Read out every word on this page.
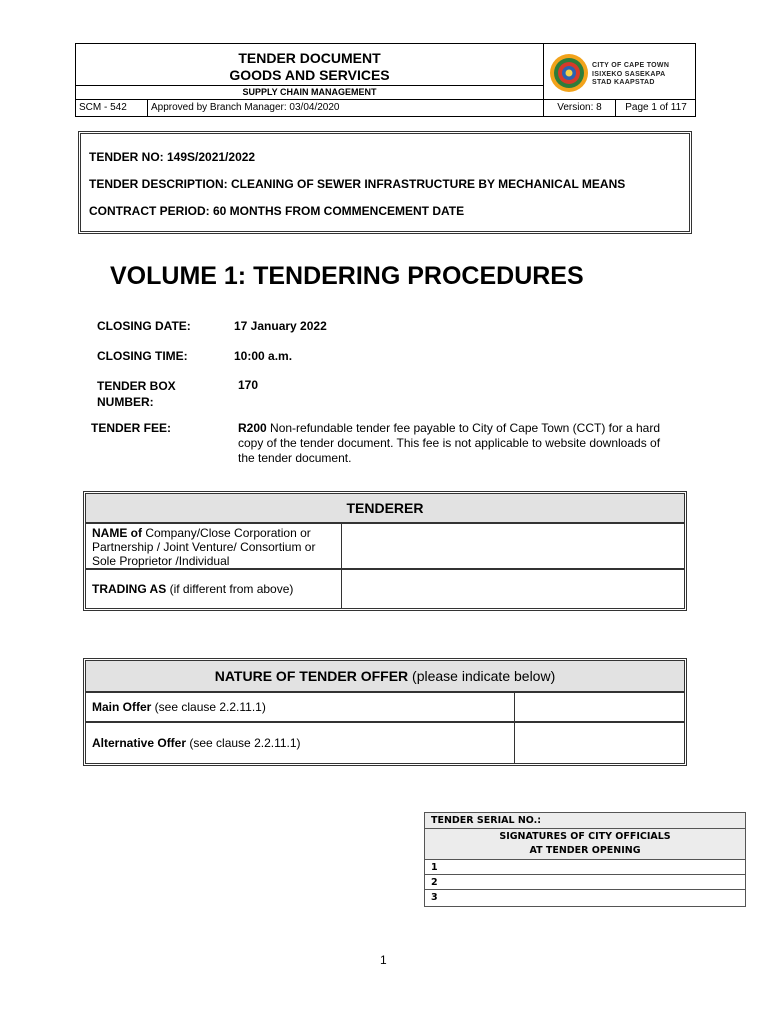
TENDER DOCUMENT
GOODS AND SERVICES
SUPPLY CHAIN MANAGEMENT
CITY OF CAPE TOWN
ISIXEKO SASEKAPA
STAD KAAPSTAD
SCM - 542	Approved by Branch Manager: 03/04/2020	Version: 8	Page 1 of 117
TENDER NO: 149S/2021/2022
TENDER DESCRIPTION: CLEANING OF SEWER INFRASTRUCTURE BY MECHANICAL MEANS
CONTRACT PERIOD: 60 MONTHS FROM COMMENCEMENT DATE
VOLUME 1: TENDERING PROCEDURES
CLOSING DATE:	17 January 2022
CLOSING TIME:	10:00 a.m.
TENDER BOX
NUMBER:
170
TENDER FEE:	R200 Non-refundable tender fee payable to City of Cape Town (CCT) for a hard
copy of the tender document. This fee is not applicable to website downloads of
the tender document.
TENDERER
NAME of Company/Close Corporation or
Partnership / Joint Venture/ Consortium or
Sole Proprietor /Individual
TRADING AS (if different from above)
NATURE OF TENDER OFFER (please indicate below)
Main Offer (see clause 2.2.11.1)
Alternative Offer (see clause 2.2.11.1)
TENDER SERIAL NO.:
SIGNATURES OF CITY OFFICIALS
AT TENDER OPENING
1
2
3
1
